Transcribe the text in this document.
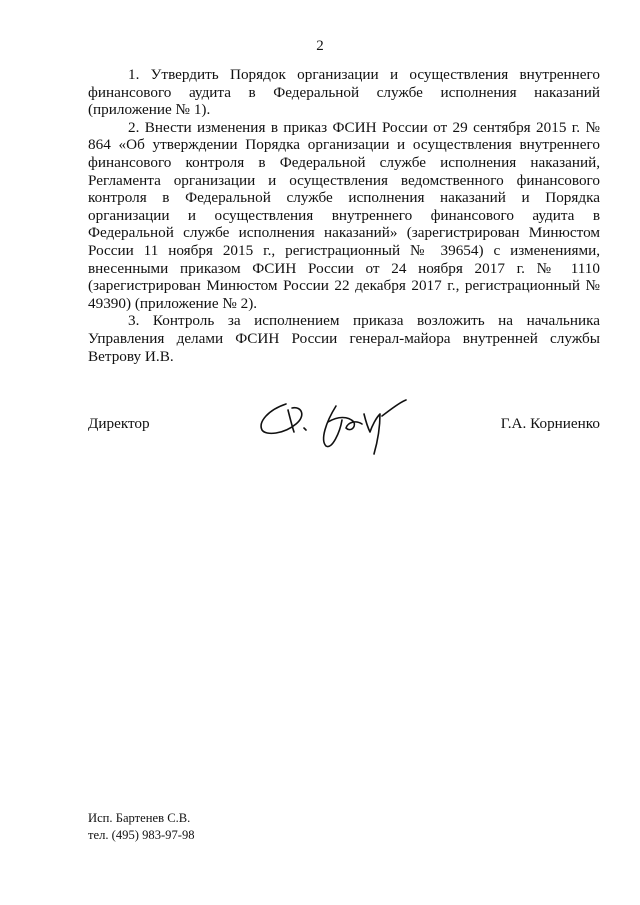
2

1. Утвердить Порядок организации и осуществления внутреннего финансового аудита в Федеральной службе исполнения наказаний (приложение № 1).

2. Внести изменения в приказ ФСИН России от 29 сентября 2015 г. № 864 «Об утверждении Порядка организации и осуществления внутреннего финансового контроля в Федеральной службе исполнения наказаний, Регламента организации и осуществления ведомственного финансового контроля в Федеральной службе исполнения наказаний и Порядка организации и осуществления внутреннего финансового аудита в Федеральной службе исполнения наказаний» (зарегистрирован Минюстом России 11 ноября 2015 г., регистрационный № 39654) с изменениями, внесенными приказом ФСИН России от 24 ноября 2017 г. № 1110 (зарегистрирован Минюстом России 22 декабря 2017 г., регистрационный № 49390) (приложение № 2).

3. Контроль за исполнением приказа возложить на начальника Управления делами ФСИН России генерал-майора внутренней службы Ветрову И.В.

Директор	Г.А. Корниенко
Исп. Бартенев С.В.
тел. (495) 983-97-98
